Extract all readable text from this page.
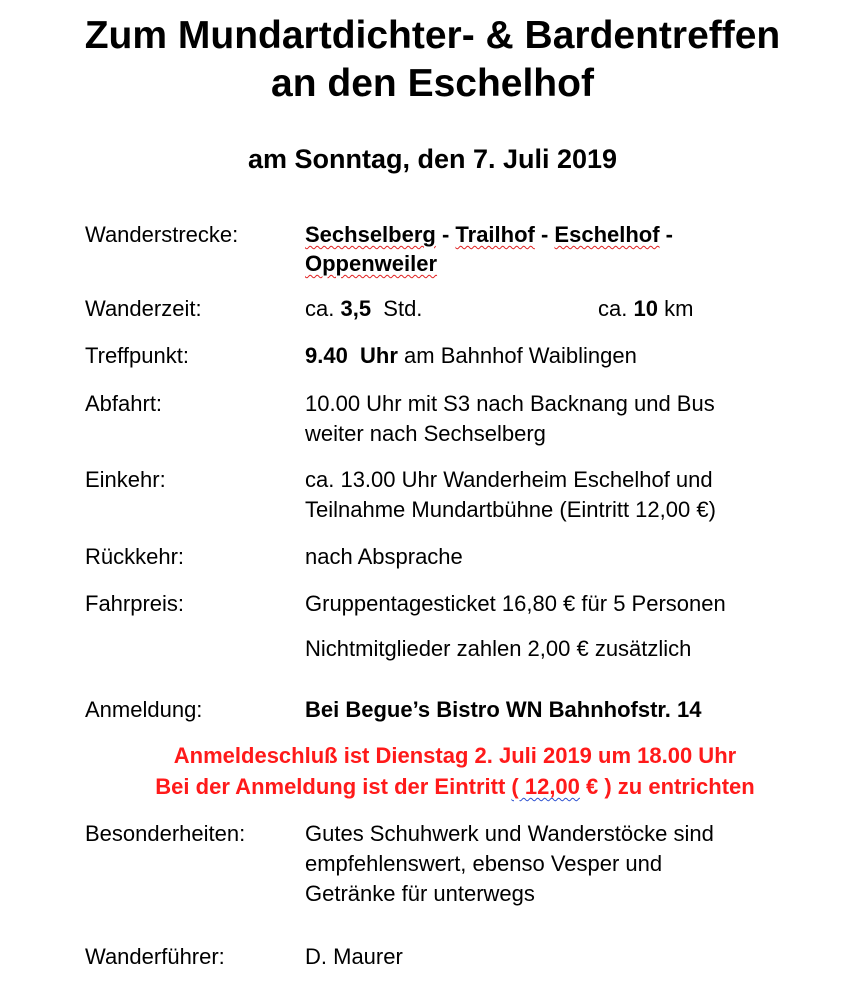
Zum Mundartdichter- & Bardentreffen
an den Eschelhof
am Sonntag, den 7. Juli 2019
Wanderstrecke:	Sechselberg - Trailhof - Eschelhof -
Oppenweiler
Wanderzeit:	ca. 3,5  Std.	ca. 10 km
Treffpunkt:	9.40  Uhr am Bahnhof Waiblingen
Abfahrt:	10.00 Uhr mit S3 nach Backnang und Bus
weiter nach Sechselberg
Einkehr:	ca. 13.00 Uhr Wanderheim Eschelhof und
Teilnahme Mundartbühne (Eintritt 12,00 €)
Rückkehr:	nach Absprache
Fahrpreis:	Gruppentagesticket 16,80 € für 5 Personen
Nichtmitglieder zahlen 2,00 € zusätzlich
Anmeldung:	Bei Begue’s Bistro WN Bahnhofstr. 14
Anmeldeschluß ist Dienstag 2. Juli 2019 um 18.00 Uhr
Bei der Anmeldung ist der Eintritt ( 12,00 € ) zu entrichten
Besonderheiten:	Gutes Schuhwerk und Wanderstöcke sind
empfehlenswert, ebenso Vesper und
Getränke für unterwegs
Wanderführer:	D. Maurer
